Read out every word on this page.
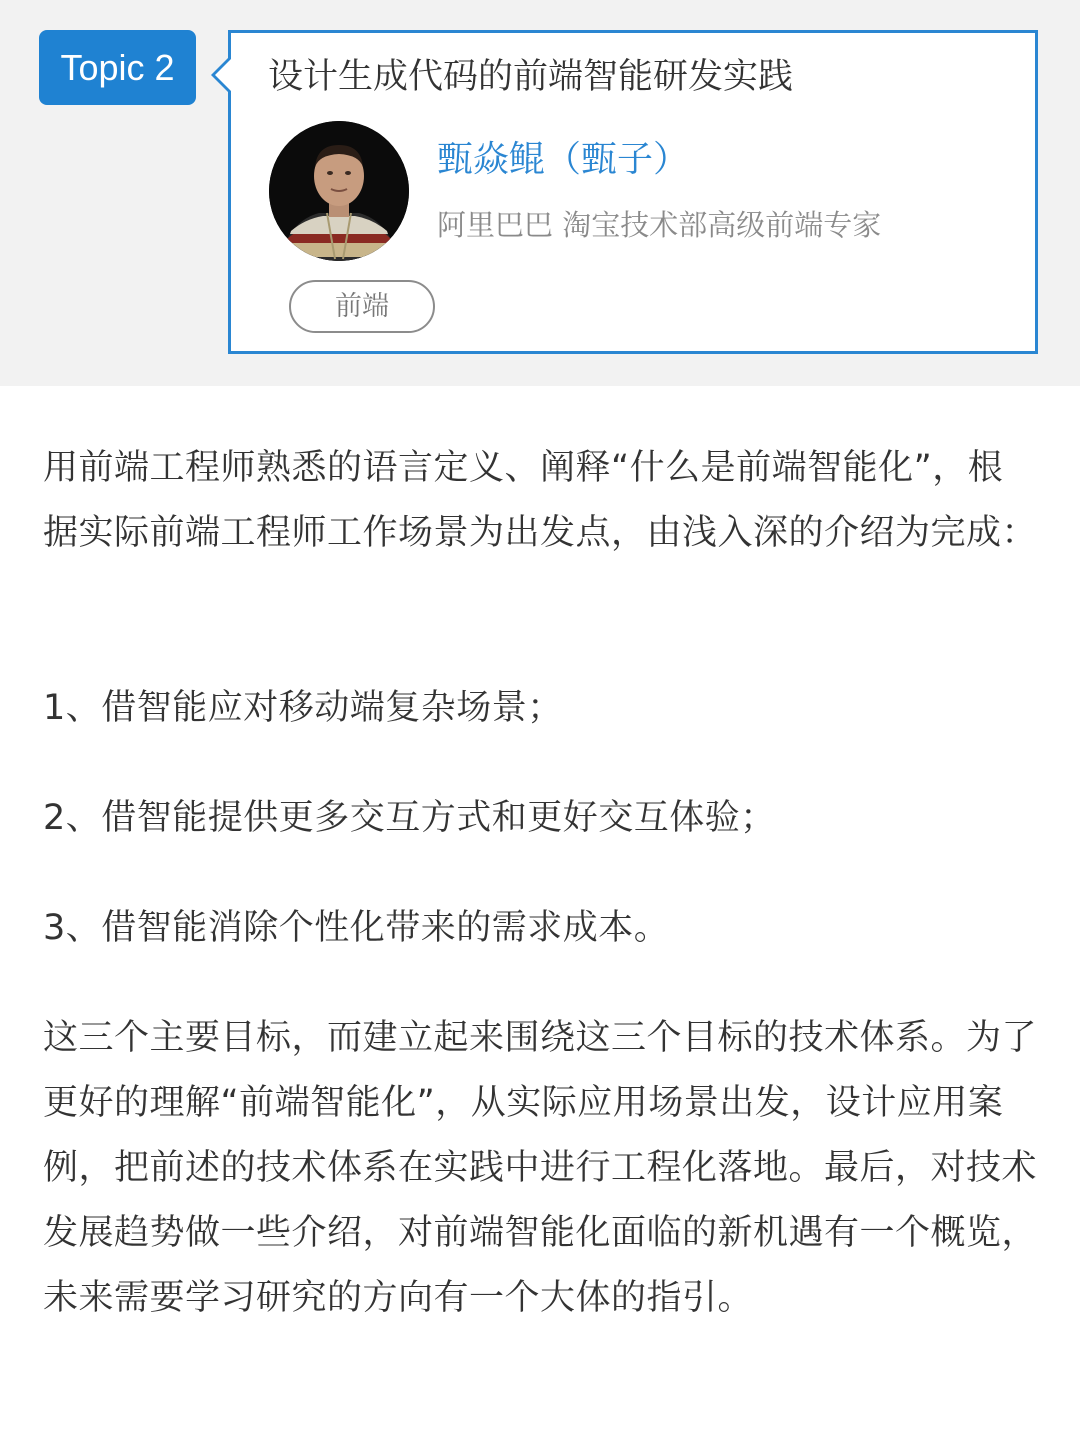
Topic 2	设计生成代码的前端智能研发实践
甄焱鲲（甄子）
阿里巴巴 淘宝技术部高级前端专家
前端

用前端工程师熟悉的语言定义、阐释“什么是前端智能化”，根据实际前端工程师工作场景为出发点，由浅入深的介绍为完成：

1、借智能应对移动端复杂场景；

2、借智能提供更多交互方式和更好交互体验；

3、借智能消除个性化带来的需求成本。

这三个主要目标，而建立起来围绕这三个目标的技术体系。为了更好的理解“前端智能化”，从实际应用场景出发，设计应用案例，把前述的技术体系在实践中进行工程化落地。最后，对技术发展趋势做一些介绍，对前端智能化面临的新机遇有一个概览，未来需要学习研究的方向有一个大体的指引。
